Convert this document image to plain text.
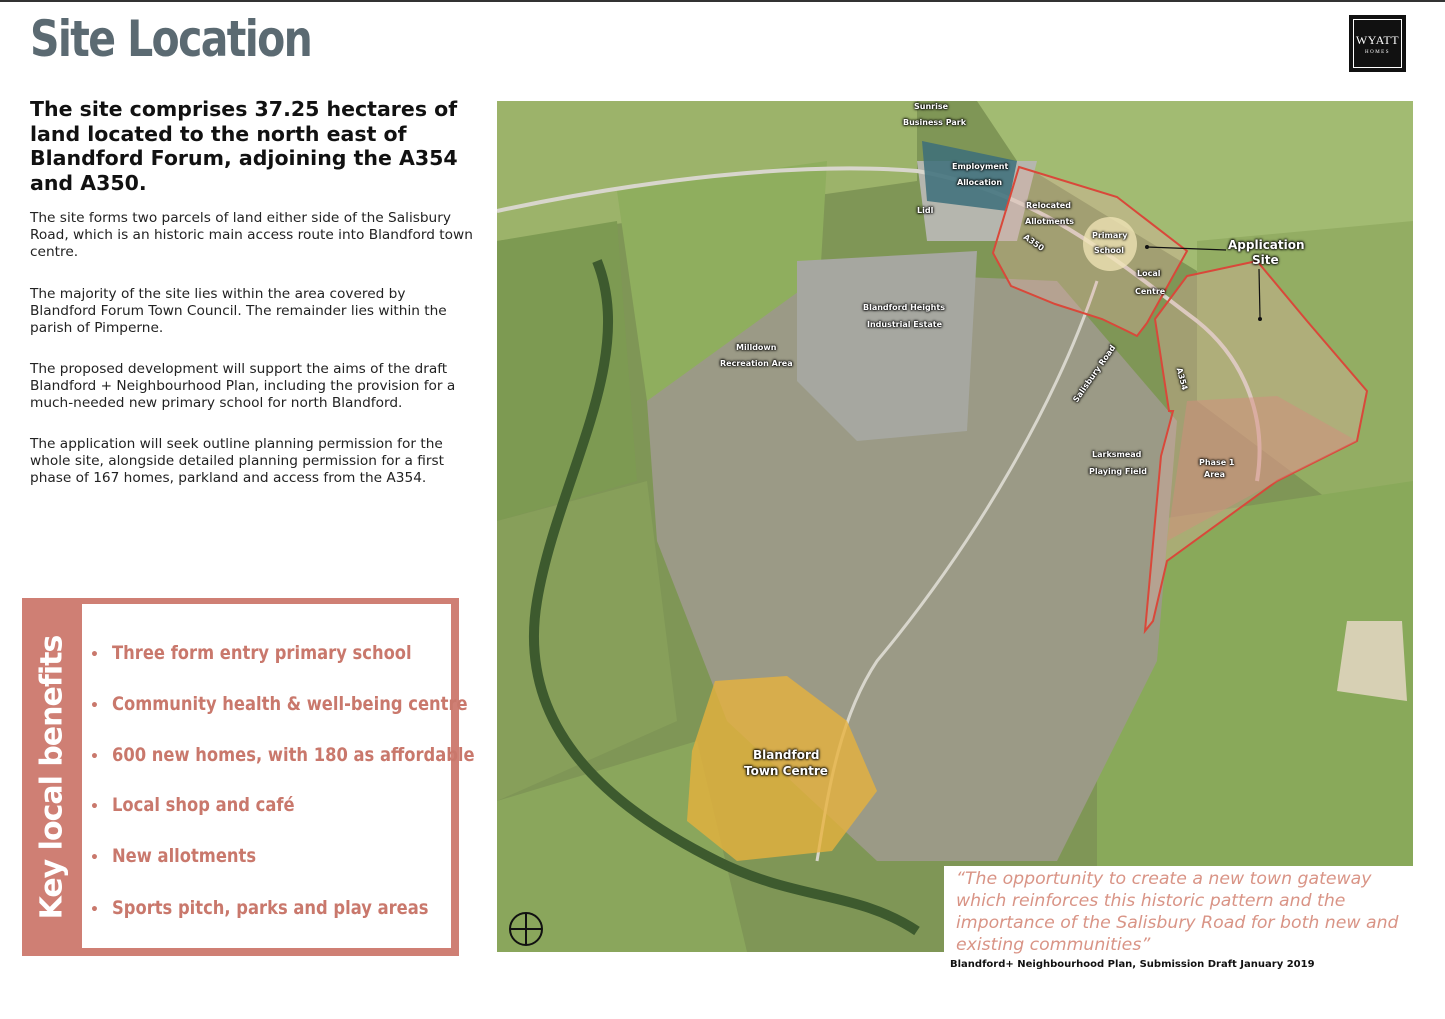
Site Location	WYATT
HOMES
The site comprises 37.25 hectares of land located to the north east of Blandford Forum, adjoining the A354 and A350.
The site forms two parcels of land either side of the Salisbury Road, which is an historic main access route into Blandford town centre.
The majority of the site lies within the area covered by Blandford Forum Town Council. The remainder lies within the parish of Pimperne.
The proposed development will support the aims of the draft Blandford + Neighbourhood Plan, including the provision for a much-needed new primary school for north Blandford.
The application will seek outline planning permission for the whole site, alongside detailed planning permission for a first phase of 167 homes, parkland and access from the A354.
Key local benefits • Three form entry primary school
• Community health & well-being centre
• 600 new homes, with 180 as affordable
• Local shop and café
• New allotments
• Sports pitch, parks and play areas
Sunrise
Business Park
Employment
Allocation
Lidl
Relocated
Allotments
A350	Primary
School	Application
Site
Local
Centre
Blandford Heights
Industrial Estate
Milldown
Recreation Area	Salisbury Road	A354
Larksmead
Playing Field
Phase 1
Area
Blandford
Town Centre
“The opportunity to create a new town gateway which reinforces this historic pattern and the importance of the Salisbury Road for both new and existing communities”
Blandford+ Neighbourhood Plan, Submission Draft January 2019
